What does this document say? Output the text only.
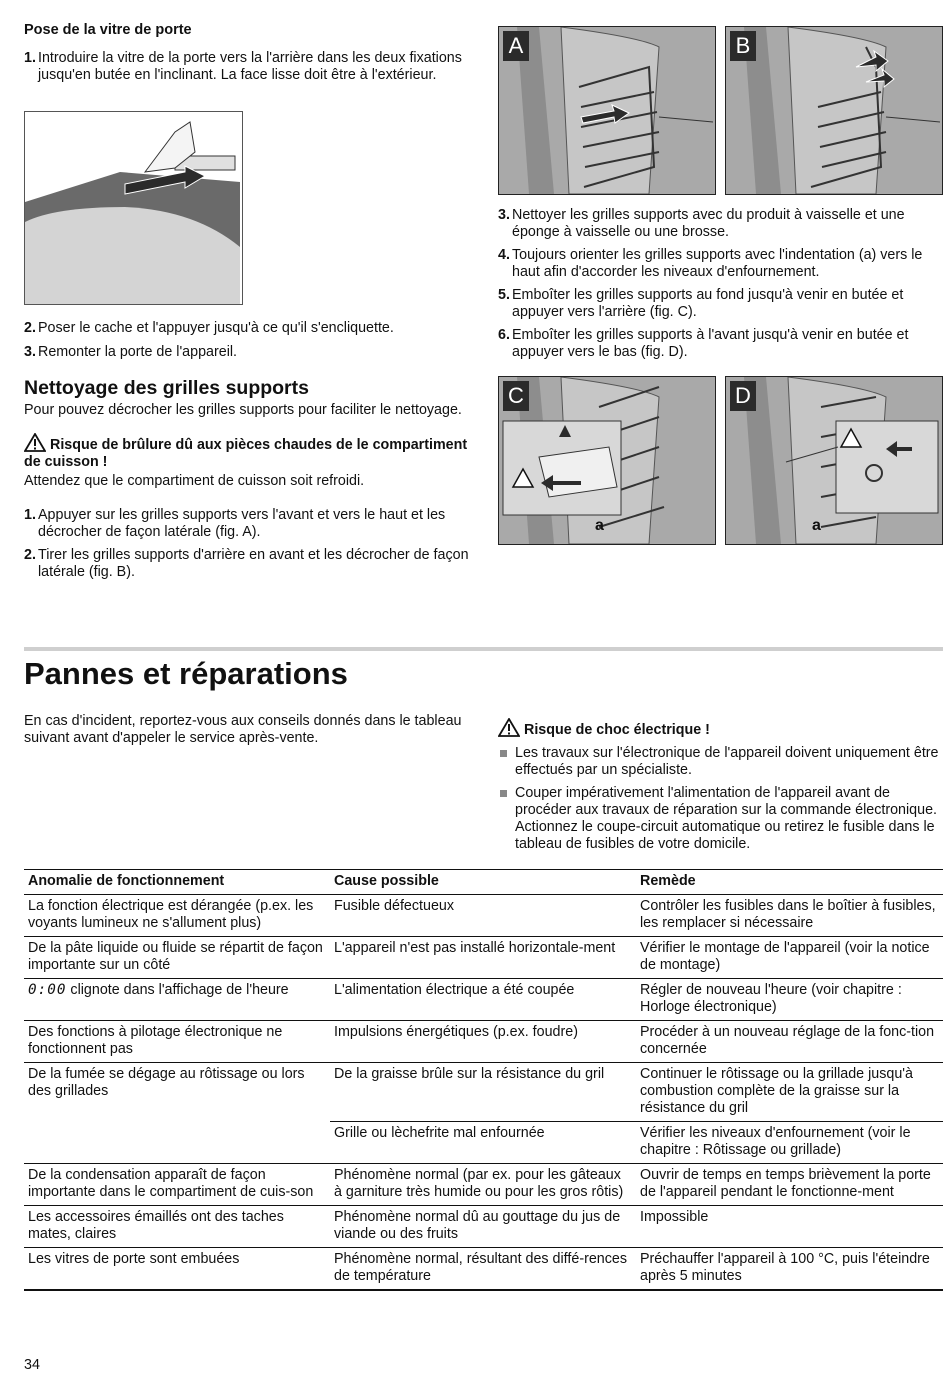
Pose de la vitre de porte

1. Introduire la vitre de la porte vers la l'arrière dans les deux fixations jusqu'en butée en l'inclinant. La face lisse doit être à l'extérieur.
2. Poser le cache et l'appuyer jusqu'à ce qu'il s'encliquette.
3. Remonter la porte de l'appareil.

Nettoyage des grilles supports

Pour pouvez décrocher les grilles supports pour faciliter le nettoyage.

Risque de brûlure dû aux pièces chaudes de le compartiment de cuisson !

Attendez que le compartiment de cuisson soit refroidi.

1. Appuyer sur les grilles supports vers l'avant et vers le haut et les décrocher de façon latérale (fig. A).
2. Tirer les grilles supports d'arrière en avant et les décrocher de façon latérale (fig. B).
A	B
3. Nettoyer les grilles supports avec du produit à vaisselle et une éponge à vaisselle ou une brosse.
4. Toujours orienter les grilles supports avec l'indentation (a) vers le haut afin d'accorder les niveaux d'enfournement.
5. Emboîter les grilles supports au fond jusqu'à venir en butée et appuyer vers l'arrière (fig. C).
6. Emboîter les grilles supports à l'avant jusqu'à venir en butée et appuyer vers le bas (fig. D).
C
a
D
a
Pannes et réparations
En cas d'incident, reportez-vous aux conseils donnés dans le tableau suivant avant d'appeler le service après-vente.	Risque de choc électrique !

Les travaux sur l'électronique de l'appareil doivent uniquement être effectués par un spécialiste.
Couper impérativement l'alimentation de l'appareil avant de procéder aux travaux de réparation sur la commande électronique. Actionnez le coupe-circuit automatique ou retirez le fusible dans le tableau de fusibles de votre domicile.
Anomalie de fonctionnement	Cause possible	Remède
La fonction électrique est dérangée (p.ex. les voyants lumineux ne s'allument plus)	Fusible défectueux	Contrôler les fusibles dans le boîtier à fusibles, les remplacer si nécessaire
De la pâte liquide ou fluide se répartit de façon importante sur un côté	L'appareil n'est pas installé horizontale-ment	Vérifier le montage de l'appareil (voir la notice de montage)
0:00 clignote dans l'affichage de l'heure	L'alimentation électrique a été coupée	Régler de nouveau l'heure (voir chapitre : Horloge électronique)
Des fonctions à pilotage électronique ne fonctionnent pas	Impulsions énergétiques (p.ex. foudre)	Procéder à un nouveau réglage de la fonc-tion concernée
De la fumée se dégage au rôtissage ou lors des grillades	De la graisse brûle sur la résistance du gril	Continuer le rôtissage ou la grillade jusqu'à combustion complète de la graisse sur la résistance du gril
	Grille ou lèchefrite mal enfournée	Vérifier les niveaux d'enfournement (voir le chapitre : Rôtissage ou grillade)
De la condensation apparaît de façon importante dans le compartiment de cuis-son	Phénomène normal (par ex. pour les gâteaux à garniture très humide ou pour les gros rôtis)	Ouvrir de temps en temps brièvement la porte de l'appareil pendant le fonctionne-ment
Les accessoires émaillés ont des taches mates, claires	Phénomène normal dû au gouttage du jus de viande ou des fruits	Impossible
Les vitres de porte sont embuées	Phénomène normal, résultant des diffé-rences de température	Préchauffer l'appareil à 100 °C, puis l'éteindre après 5 minutes
34
